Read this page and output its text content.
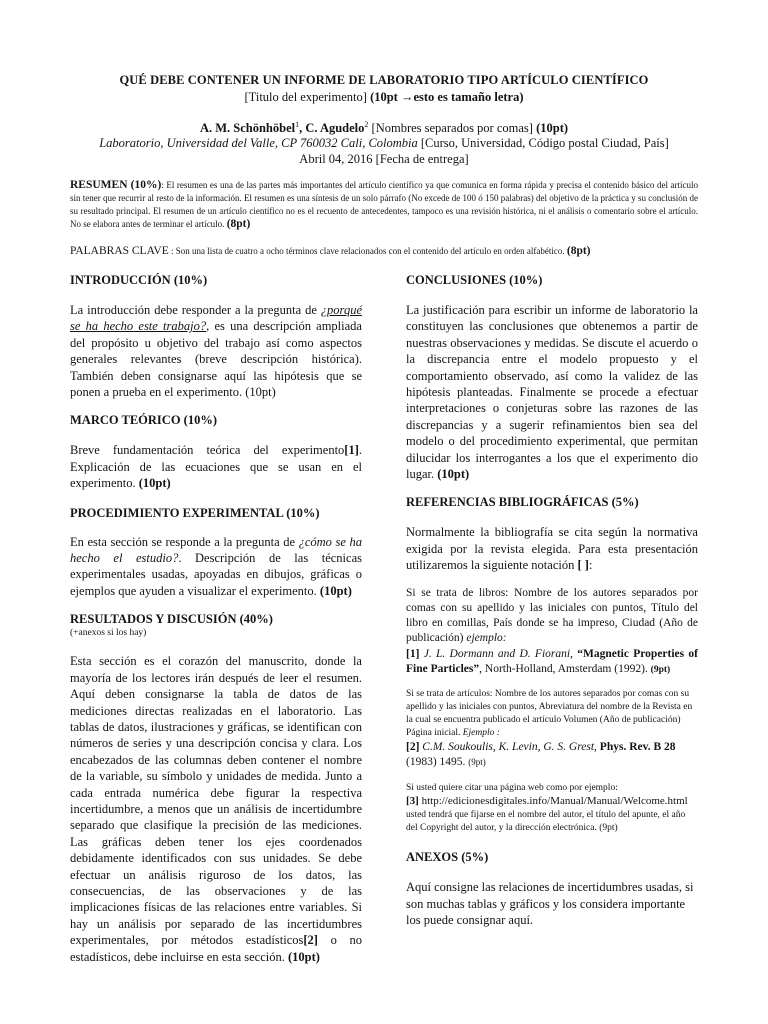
QUÉ DEBE CONTENER UN INFORME DE LABORATORIO TIPO ARTÍCULO CIENTÍFICO
[Titulo del experimento] (10pt →esto es tamaño letra)
A. M. Schönhöbel$^1$, C. Agudelo$^2$ [Nombres separados por comas] (10pt)
Laboratorio, Universidad del Valle, CP 760032 Cali, Colombia [Curso, Universidad, Código postal Ciudad, País]
Abril 04, 2016 [Fecha de entrega]
RESUMEN (10%): El resumen es una de las partes más importantes del artículo científico ya que comunica en forma rápida y precisa el contenido básico del artículo sin tener que recurrir al resto de la información. El resumen es una síntesis de un solo párrafo (No excede de 100 ó 150 palabras) del objetivo de la práctica y su conclusión de su resultado principal. El resumen de un artículo científico no es el recuento de antecedentes, tampoco es una revisión histórica, ni el análisis o comentario sobre el artículo. No se elabora antes de terminar el artículo. (8pt)
PALABRAS CLAVE : Son una lista de cuatro a ocho términos clave relacionados con el contenido del artículo en orden alfabético. (8pt)
INTRODUCCIÓN (10%)

La introducción debe responder a la pregunta de ¿porqué se ha hecho este trabajo?, es una descripción ampliada del propósito u objetivo del trabajo así como aspectos generales relevantes (breve descripción histórica). También deben consignarse aquí las hipótesis que se ponen a prueba en el experimento. (10pt)

MARCO TEÓRICO (10%)

Breve fundamentación teórica del experimento[1]. Explicación de las ecuaciones que se usan en el experimento. (10pt)

PROCEDIMIENTO EXPERIMENTAL (10%)

En esta sección se responde a la pregunta de ¿cómo se ha hecho el estudio?. Descripción de las técnicas experimentales usadas, apoyadas en dibujos, gráficas o ejemplos que ayuden a visualizar el experimento. (10pt)

RESULTADOS Y DISCUSIÓN (40%)

(+anexos si los hay)

Esta sección es el corazón del manuscrito, donde la mayoría de los lectores irán después de leer el resumen. Aquí deben consignarse la tabla de datos de las mediciones directas realizadas en el laboratorio. Las tablas de datos, ilustraciones y gráficas, se identifican con números de series y una descripción concisa y clara. Los encabezados de las columnas deben contener el nombre de la variable, su símbolo y unidades de medida. Junto a cada entrada numérica debe figurar la respectiva incertidumbre, a menos que un análisis de incertidumbre separado que clasifique la precisión de las mediciones. Las gráficas deben tener los ejes coordenados debidamente identificados con sus unidades. Se debe efectuar un análisis riguroso de los datos, las consecuencias, de las observaciones y de las implicaciones físicas de las relaciones entre variables. Si hay un análisis por separado de las incertidumbres experimentales, por métodos estadísticos[2] o no estadísticos, debe incluirse en esta sección. (10pt)

CONCLUSIONES (10%)

La justificación para escribir un informe de laboratorio la constituyen las conclusiones que obtenemos a partir de nuestras observaciones y medidas. Se discute el acuerdo o la discrepancia entre el modelo propuesto y el comportamiento observado, así como la validez de las hipótesis planteadas. Finalmente se procede a efectuar interpretaciones o conjeturas sobre las razones de las discrepancias y a sugerir refinamientos bien sea del modelo o del procedimiento experimental, que permitan dilucidar los interrogantes a los que el experimento dio lugar. (10pt)

REFERENCIAS BIBLIOGRÁFICAS (5%)

Normalmente la bibliografía se cita según la normativa exigida por la revista elegida. Para esta presentación utilizaremos la siguiente notación [ ]:

Si se trata de libros: Nombre de los autores separados por comas con su apellido y las iniciales con puntos, Título del libro en comillas, País donde se ha impreso, Ciudad (Año de publicación) ejemplo:
[1] J. L. Dormann and D. Fiorani, “Magnetic Properties of Fine Particles”, North-Holland, Amsterdam (1992). (9pt)

Si se trata de artículos: Nombre de los autores separados por comas con su apellido y las iniciales con puntos, Abreviatura del nombre de la Revista en la cual se encuentra publicado el artículo Volumen (Año de publicación) Página inicial. Ejemplo :

[2] C.M. Soukoulis, K. Levin, G. S. Grest, Phys. Rev. B 28
(1983) 1495. (9pt)

Si usted quiere citar una página web como por ejemplo:

[3] http://edicionesdigitales.info/Manual/Manual/Welcome.html usted tendrá que fijarse en el nombre del autor, el título del apunte, el año del Copyright del autor, y la dirección electrónica. (9pt)

ANEXOS (5%)

Aquí consigne las relaciones de incertidumbres usadas, si son muchas tablas y gráficos y los considera importante los puede consignar aquí.
